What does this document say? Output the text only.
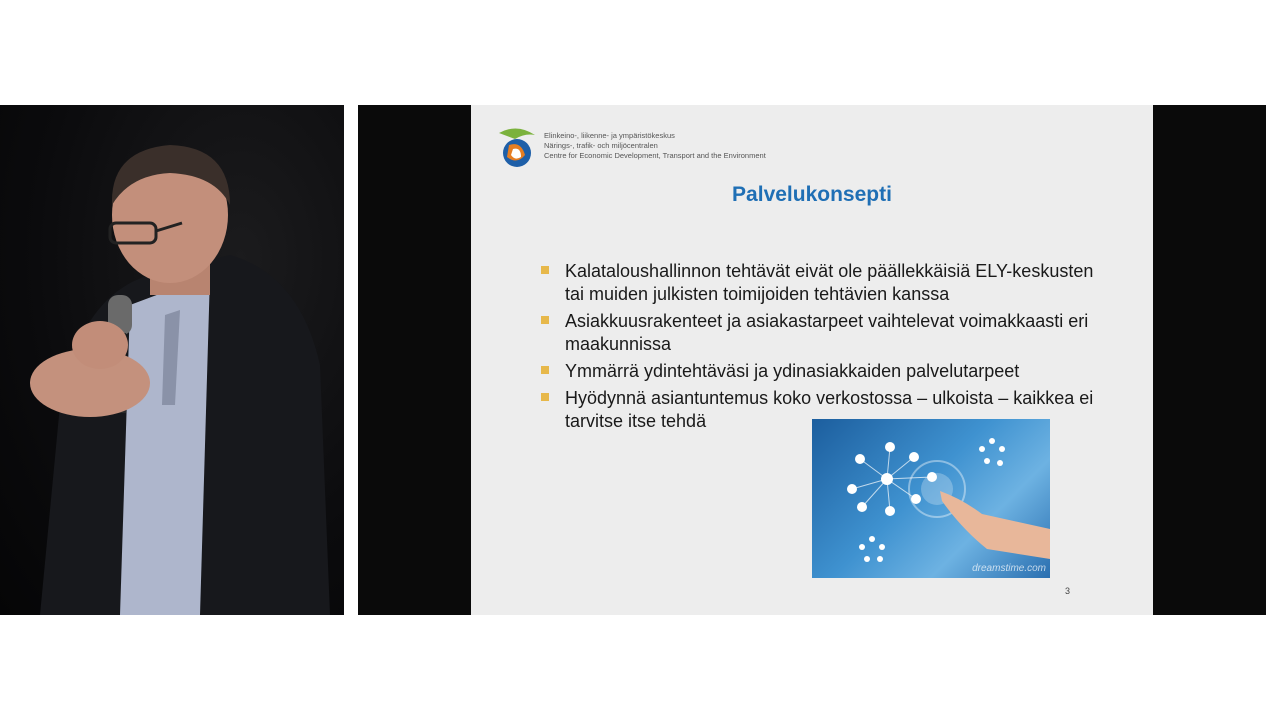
Elinkeino-, liikenne- ja ympäristökeskus
Närings-, trafik- och miljöcentralen
Centre for Economic Development, Transport and the Environment
Palvelukonsepti
Kalataloushallinnon tehtävät eivät ole päällekkäisiä ELY-keskusten tai muiden julkisten toimijoiden tehtävien kanssa
Asiakkuusrakenteet ja asiakastarpeet vaihtelevat voimakkaasti eri maakunnissa
Ymmärrä ydintehtäväsi ja ydinasiakkaiden palvelutarpeet
Hyödynnä asiantuntemus koko verkostossa – ulkoista – kaikkea ei tarvitse itse tehdä
dreamstime.com
3
